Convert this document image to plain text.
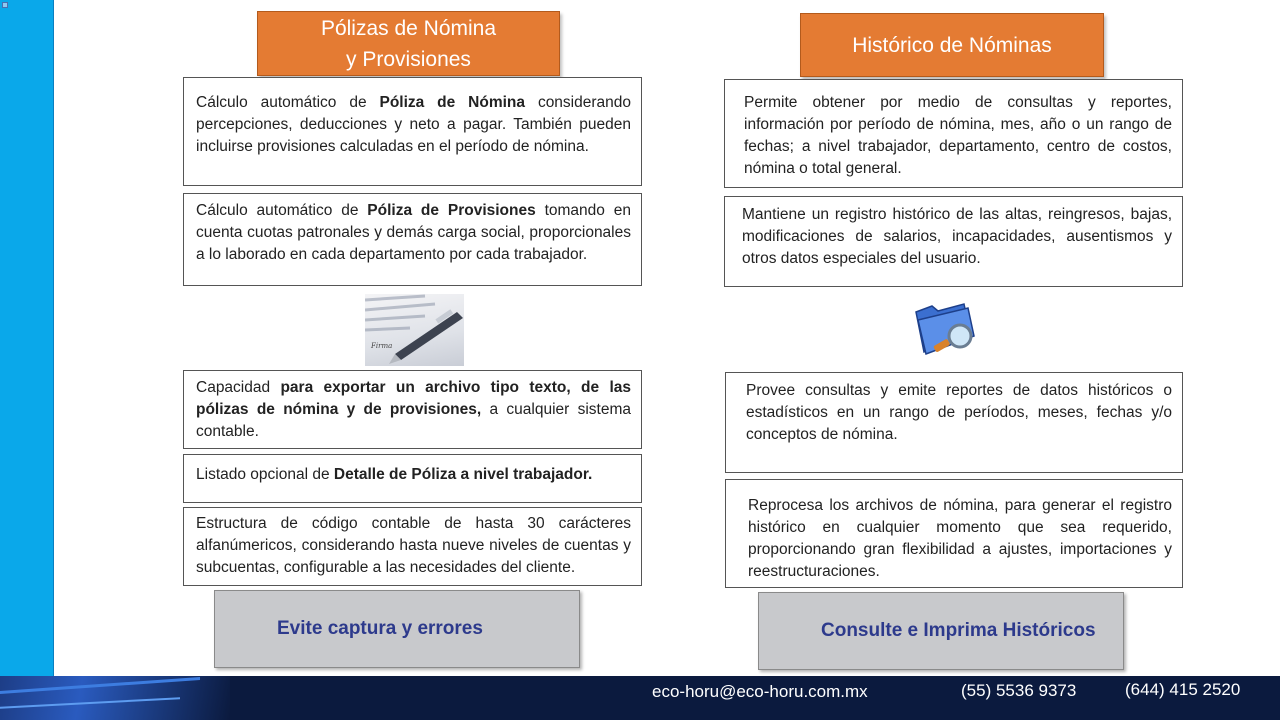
Pólizas de Nómina
y Provisiones
Cálculo automático de Póliza de Nómina considerando percepciones, deducciones y neto a pagar. También pueden incluirse provisiones calculadas en el período de nómina.
Cálculo automático de Póliza de Provisiones tomando en cuenta cuotas patronales y demás carga social, proporcionales a lo laborado en cada departamento por cada trabajador.
Firma
Capacidad para exportar un archivo tipo texto, de las pólizas de nómina y de provisiones, a cualquier sistema contable.
Listado opcional de Detalle de Póliza a nivel trabajador.
Estructura de código contable de hasta 30 carácteres alfanúmericos, considerando hasta nueve niveles de cuentas y subcuentas, configurable a las necesidades del cliente.
Evite captura y errores
Histórico de Nóminas
Permite obtener por medio de consultas y reportes, información por período de nómina, mes, año o un rango de fechas; a nivel trabajador, departamento, centro de costos, nómina o total general.
Mantiene un registro histórico de las altas, reingresos, bajas, modificaciones de salarios, incapacidades, ausentismos y otros datos especiales del usuario.
Provee consultas y emite reportes de datos históricos o estadísticos en un rango de períodos, meses, fechas y/o conceptos de nómina.
Reprocesa los archivos de nómina, para generar el registro histórico en cualquier momento que sea requerido, proporcionando gran flexibilidad a ajustes, importaciones y reestructuraciones.
Consulte e Imprima Históricos
eco-horu@eco-horu.com.mx	(55) 5536 9373	(644) 415 2520
